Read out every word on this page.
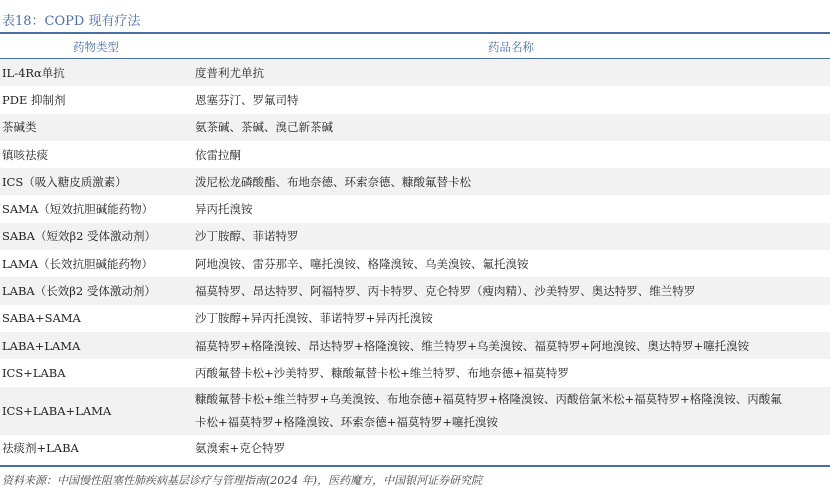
表18：COPD 现有疗法
药物类型	药品名称
IL-4Rα单抗	度普利尤单抗
PDE 抑制剂	恩塞芬汀、罗氟司特
茶碱类	氨茶碱、茶碱、溴己新茶碱
镇咳祛痰	依雷拉酮
ICS（吸入糖皮质激素）	泼尼松龙磷酸酯、布地奈德、环索奈德、糠酸氟替卡松
SAMA（短效抗胆碱能药物）	异丙托溴铵
SABA（短效β2 受体激动剂）	沙丁胺醇、菲诺特罗
LAMA（长效抗胆碱能药物）	阿地溴铵、雷芬那辛、噻托溴铵、格隆溴铵、乌美溴铵、氟托溴铵
LABA（长效β2 受体激动剂）	福莫特罗、昂达特罗、阿福特罗、丙卡特罗、克仑特罗（瘦肉精）、沙美特罗、奥达特罗、维兰特罗
SABA+SAMA	沙丁胺醇+异丙托溴铵、菲诺特罗+异丙托溴铵
LABA+LAMA	福莫特罗+格隆溴铵、昂达特罗+格隆溴铵、维兰特罗+乌美溴铵、福莫特罗+阿地溴铵、奥达特罗+噻托溴铵
ICS+LABA	丙酸氟替卡松+沙美特罗、糠酸氟替卡松+维兰特罗、布地奈德+福莫特罗
ICS+LABA+LAMA	糠酸氟替卡松+维兰特罗+乌美溴铵、布地奈德+福莫特罗+格隆溴铵、丙酸倍氯米松+福莫特罗+格隆溴铵、丙酸氟
卡松+福莫特罗+格隆溴铵、环索奈德+福莫特罗+噻托溴铵

祛痰剂+LABA	氨溴索+克仑特罗
资料来源：中国慢性阻塞性肺疾病基层诊疗与管理指南(2024 年)，医药魔方，中国银河证券研究院
